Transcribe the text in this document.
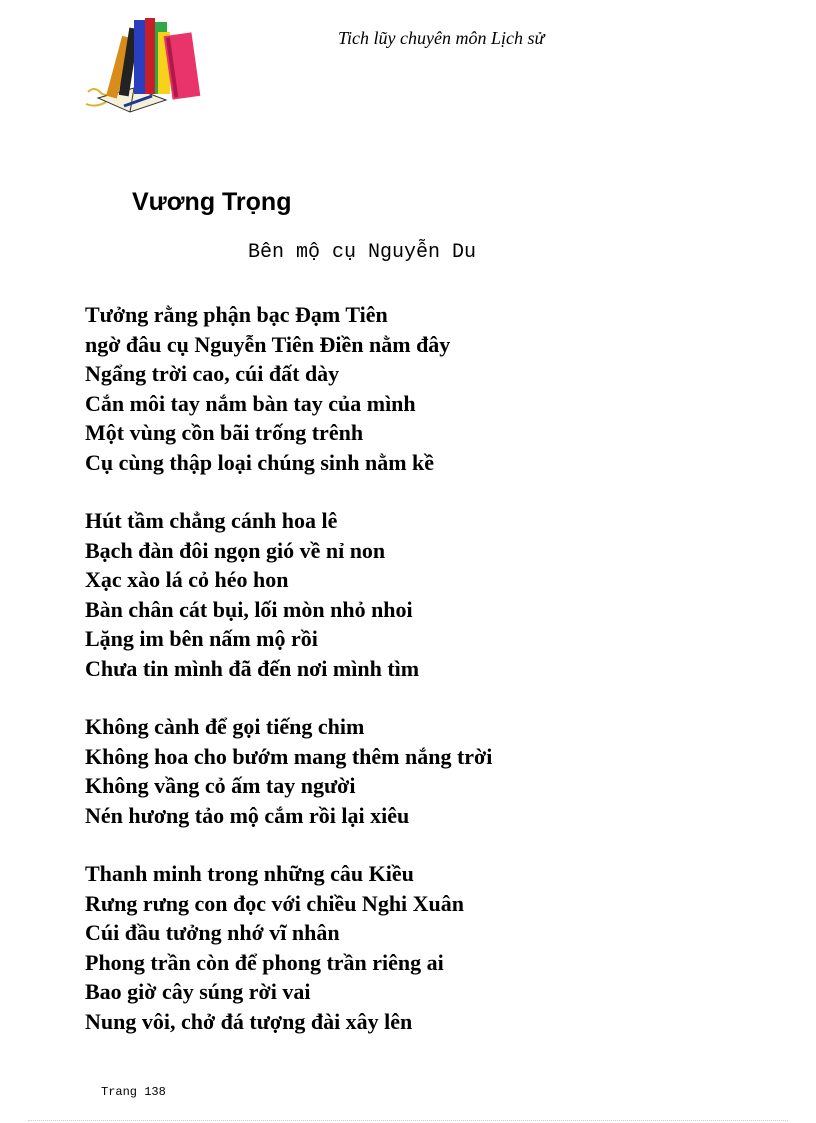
Tich lũy chuyên môn Lịch sử
Vương Trọng
Bên mộ cụ Nguyễn Du
Tưởng rằng phận bạc Đạm Tiên
ngờ đâu cụ Nguyễn Tiên Điền nằm đây
Ngẩng trời cao, cúi đất dày
Cắn môi tay nắm bàn tay của mình
Một vùng cồn bãi trống trênh
Cụ cùng thập loại chúng sinh nằm kề
Hút tầm chẳng cánh hoa lê
Bạch đàn đôi ngọn gió về nỉ non
Xạc xào lá cỏ héo hon
Bàn chân cát bụi, lối mòn nhỏ nhoi
Lặng im bên nấm mộ rồi
Chưa tin mình đã đến nơi mình tìm
Không cành để gọi tiếng chim
Không hoa cho bướm mang thêm nắng trời
Không vầng cỏ ấm tay người
Nén hương tảo mộ cắm rồi lại xiêu
Thanh minh trong những câu Kiều
Rưng rưng con đọc với chiều Nghi Xuân
Cúi đầu tưởng nhớ vĩ nhân
Phong trần còn để phong trần riêng ai
Bao giờ cây súng rời vai
Nung vôi, chở đá tượng đài xây lên
Trang 138
